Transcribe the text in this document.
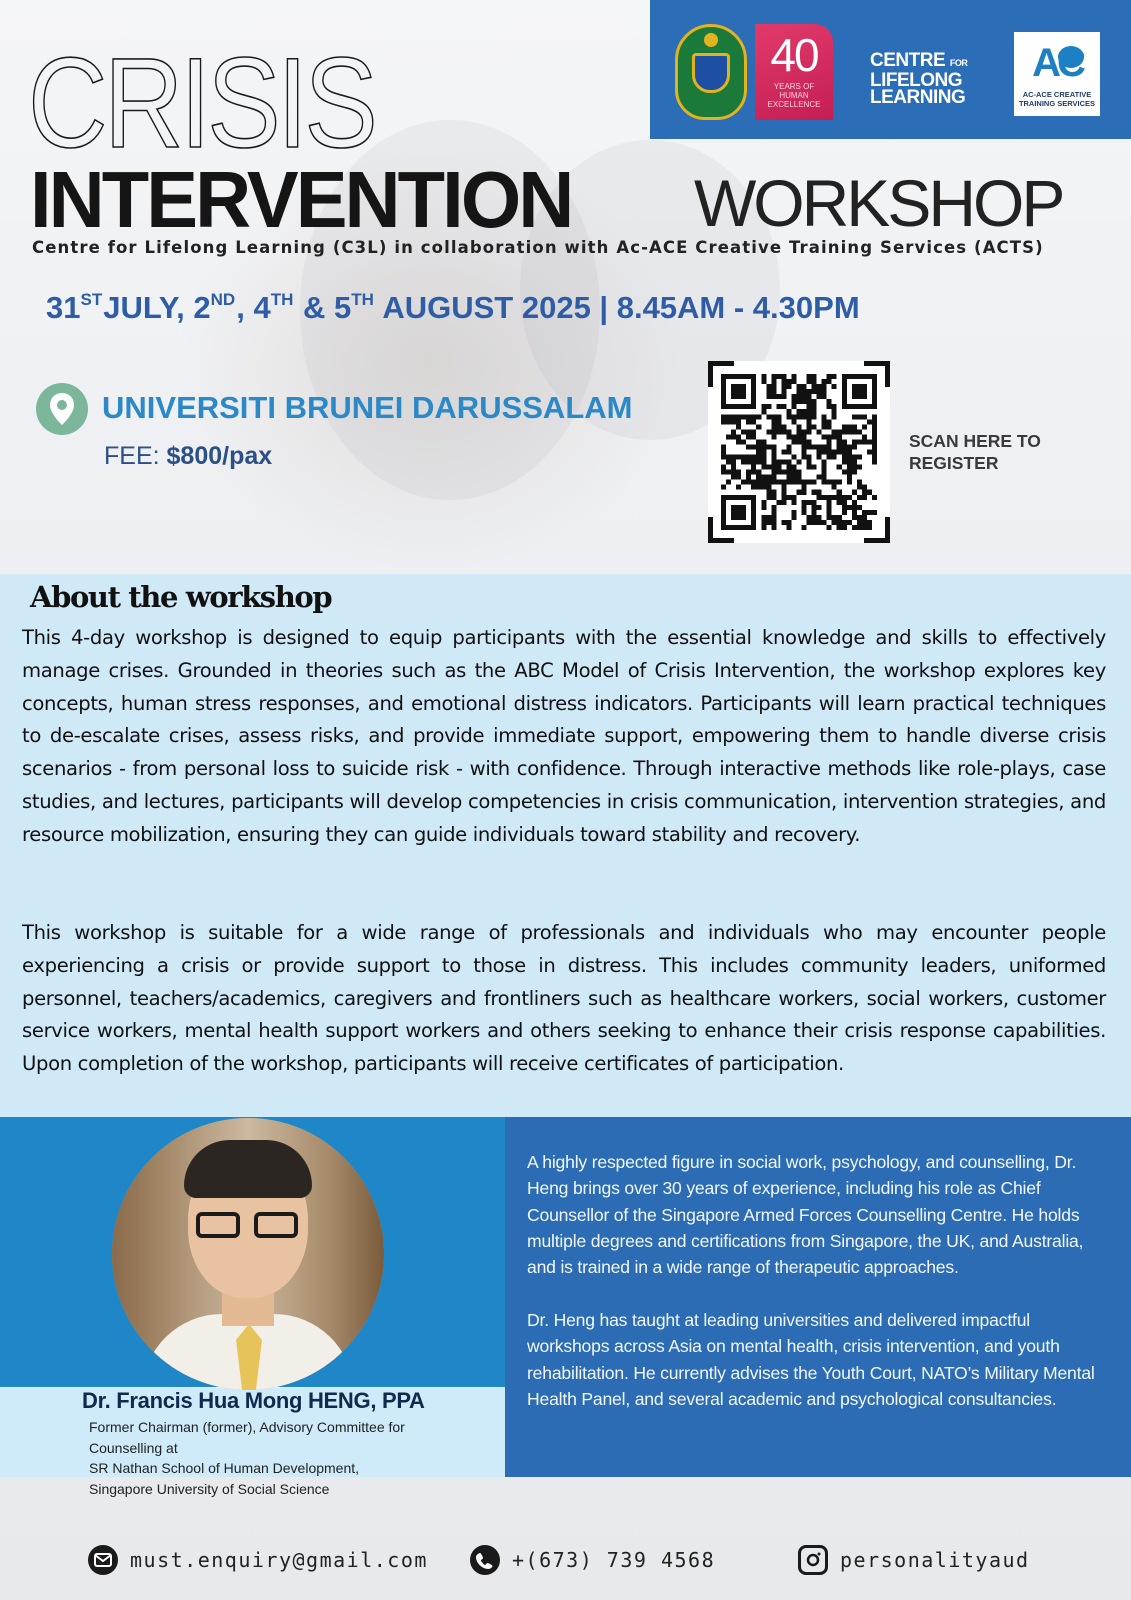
40
YEARS OF HUMAN EXCELLENCE
CENTRE FOR
LIFELONG
LEARNING
AC
AC-ACE CREATIVE TRAINING SERVICES
CRISIS
INTERVENTION WORKSHOP
Centre for Lifelong Learning (C3L) in collaboration with Ac-ACE Creative Training Services (ACTS)
31STJULY, 2ND, 4TH & 5TH AUGUST 2025 | 8.45AM - 4.30PM
UNIVERSITI BRUNEI DARUSSALAM
FEE: $800/pax
SCAN HERE TO
REGISTER
About the workshop

This 4-day workshop is designed to equip participants with the essential knowledge and skills to effectively manage crises. Grounded in theories such as the ABC Model of Crisis Intervention, the workshop explores key concepts, human stress responses, and emotional distress indicators. Participants will learn practical techniques to de-escalate crises, assess risks, and provide immediate support, empowering them to handle diverse crisis scenarios - from personal loss to suicide risk - with confidence. Through interactive methods like role-plays, case studies, and lectures, participants will develop competencies in crisis communication, intervention strategies, and resource mobilization, ensuring they can guide individuals toward stability and recovery.

This workshop is suitable for a wide range of professionals and individuals who may encounter people experiencing a crisis or provide support to those in distress. This includes community leaders, uniformed personnel, teachers/academics, caregivers and frontliners such as healthcare workers, social workers, customer service workers, mental health support workers and others seeking to enhance their crisis response capabilities. Upon completion of the workshop, participants will receive certificates of participation.

Dr. Francis Hua Mong HENG, PPA
Former Chairman (former), Advisory Committee for
Counselling at
SR Nathan School of Human Development,
Singapore University of Social Science

A highly respected figure in social work, psychology, and counselling, Dr. Heng brings over 30 years of experience, including his role as Chief Counsellor of the Singapore Armed Forces Counselling Centre. He holds multiple degrees and certifications from Singapore, the UK, and Australia, and is trained in a wide range of therapeutic approaches.

Dr. Heng has taught at leading universities and delivered impactful workshops across Asia on mental health, crisis intervention, and youth rehabilitation. He currently advises the Youth Court, NATO’s Military Mental Health Panel, and several academic and psychological consultancies.

must.enquiry@gmail.com	+(673) 739 4568	personalityaud
